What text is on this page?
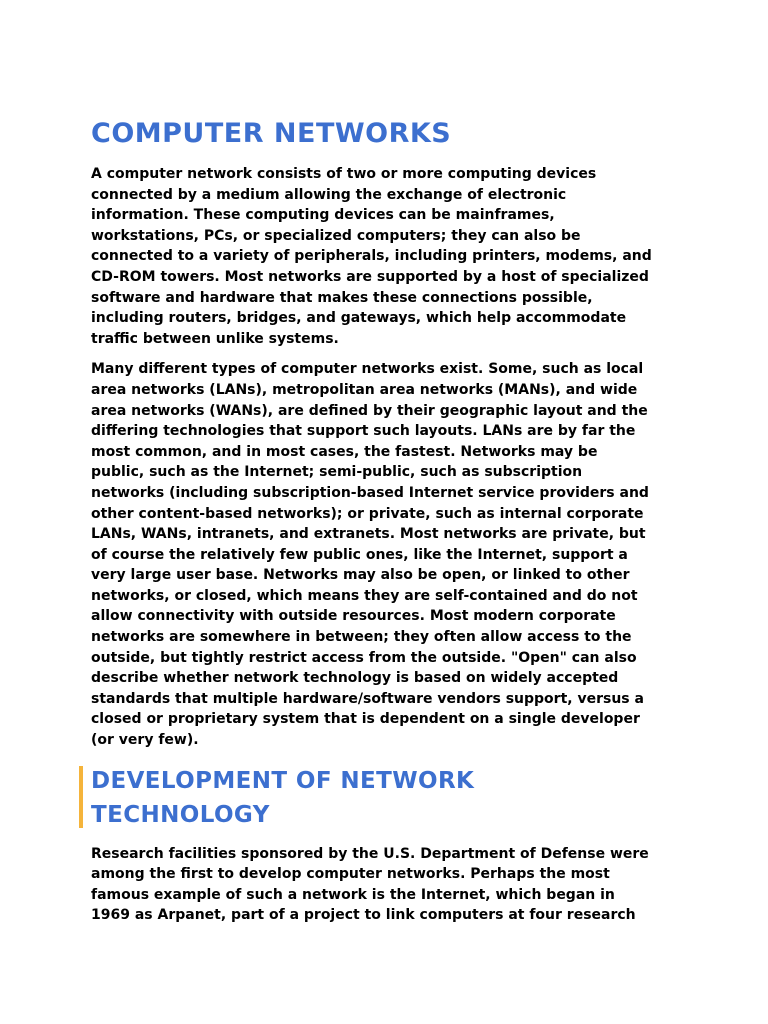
COMPUTER NETWORKS

A computer network consists of two or more computing devices
connected by a medium allowing the exchange of electronic
information. These computing devices can be mainframes,
workstations, PCs, or specialized computers; they can also be
connected to a variety of peripherals, including printers, modems, and
CD-ROM towers. Most networks are supported by a host of specialized
software and hardware that makes these connections possible,
including routers, bridges, and gateways, which help accommodate
traffic between unlike systems.

Many different types of computer networks exist. Some, such as local
area networks (LANs), metropolitan area networks (MANs), and wide
area networks (WANs), are defined by their geographic layout and the
differing technologies that support such layouts. LANs are by far the
most common, and in most cases, the fastest. Networks may be
public, such as the Internet; semi-public, such as subscription
networks (including subscription-based Internet service providers and
other content-based networks); or private, such as internal corporate
LANs, WANs, intranets, and extranets. Most networks are private, but
of course the relatively few public ones, like the Internet, support a
very large user base. Networks may also be open, or linked to other
networks, or closed, which means they are self-contained and do not
allow connectivity with outside resources. Most modern corporate
networks are somewhere in between; they often allow access to the
outside, but tightly restrict access from the outside. "Open" can also
describe whether network technology is based on widely accepted
standards that multiple hardware/software vendors support, versus a
closed or proprietary system that is dependent on a single developer
(or very few).

DEVELOPMENT OF NETWORK
TECHNOLOGY

Research facilities sponsored by the U.S. Department of Defense were
among the first to develop computer networks. Perhaps the most
famous example of such a network is the Internet, which began in
1969 as Arpanet, part of a project to link computers at four research
